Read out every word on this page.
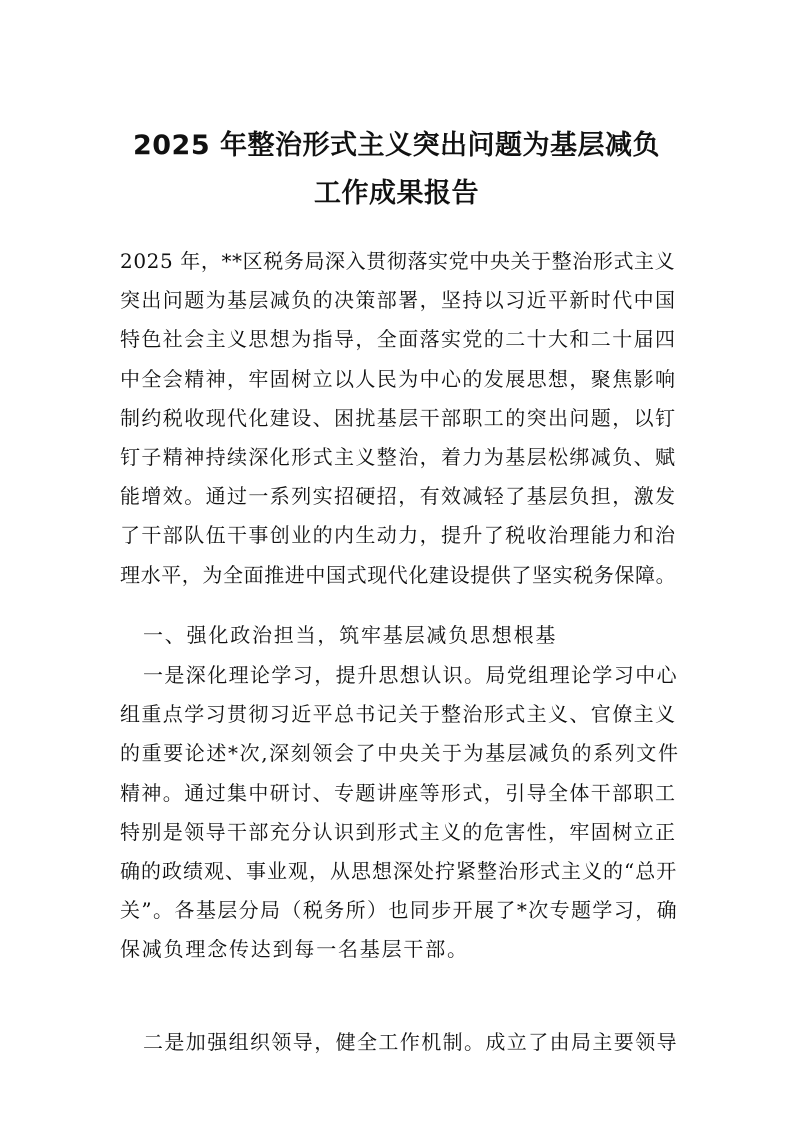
2025 年整治形式主义突出问题为基层减负
工作成果报告
2025 年，**区税务局深入贯彻落实党中央关于整治形式主义
突出问题为基层减负的决策部署，坚持以习近平新时代中国
特色社会主义思想为指导，全面落实党的二十大和二十届四
中全会精神，牢固树立以人民为中心的发展思想，聚焦影响
制约税收现代化建设、困扰基层干部职工的突出问题，以钉
钉子精神持续深化形式主义整治，着力为基层松绑减负、赋
能增效。通过一系列实招硬招，有效减轻了基层负担，激发
了干部队伍干事创业的内生动力，提升了税收治理能力和治
理水平，为全面推进中国式现代化建设提供了坚实税务保障。
一、强化政治担当，筑牢基层减负思想根基
一是深化理论学习，提升思想认识。局党组理论学习中心
组重点学习贯彻习近平总书记关于整治形式主义、官僚主义
的重要论述*次,深刻领会了中央关于为基层减负的系列文件
精神。通过集中研讨、专题讲座等形式，引导全体干部职工
特别是领导干部充分认识到形式主义的危害性，牢固树立正
确的政绩观、事业观，从思想深处拧紧整治形式主义的“总开
关”。各基层分局（税务所）也同步开展了*次专题学习，确
保减负理念传达到每一名基层干部。
二是加强组织领导，健全工作机制。成立了由局主要领导
